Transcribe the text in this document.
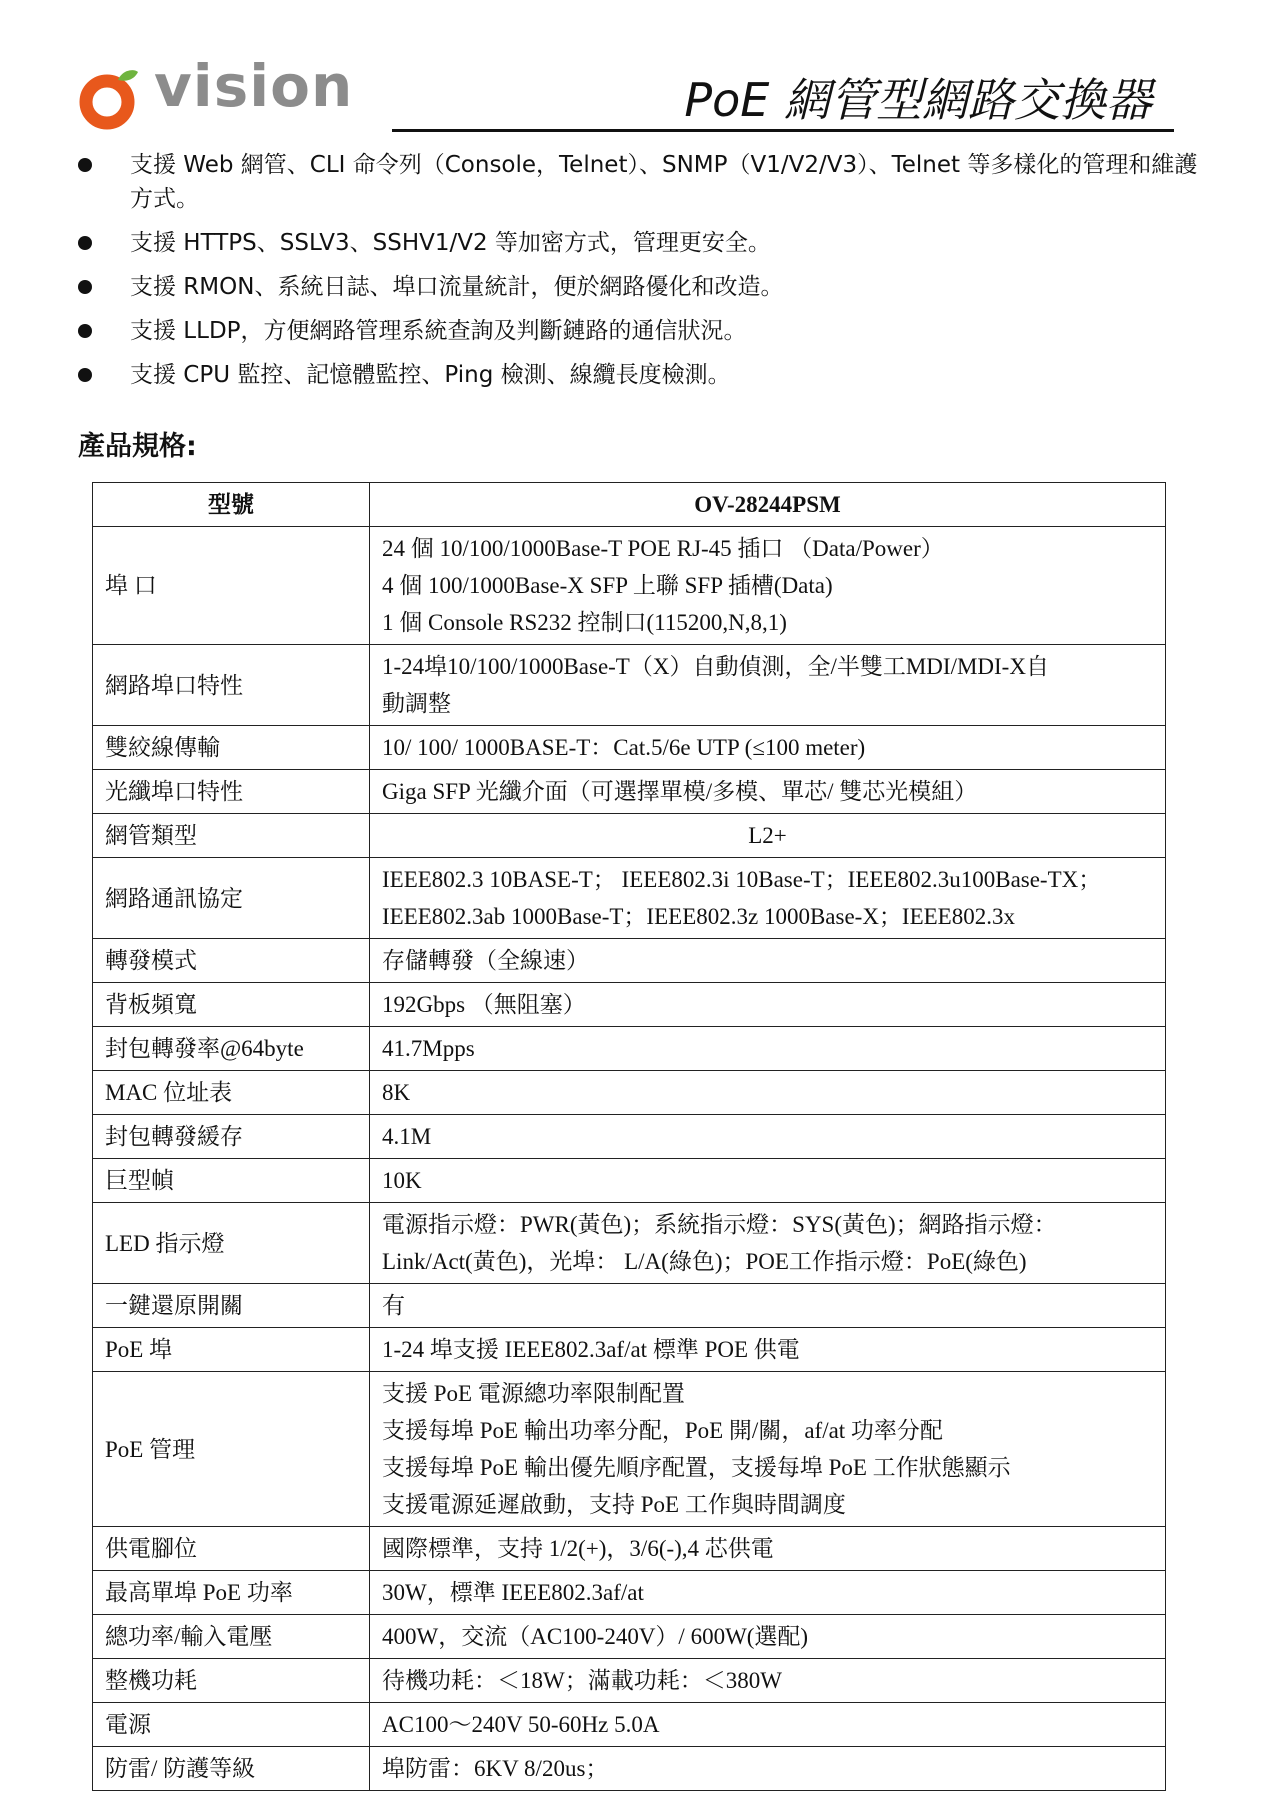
vision	PoE 網管型網路交換器
支援 Web 網管、CLI 命令列（Console，Telnet）、SNMP（V1/V2/V3）、Telnet 等多樣化的管理和維護方式。
支援 HTTPS、SSLV3、SSHV1/V2 等加密方式，管理更安全。
支援 RMON、系統日誌、埠口流量統計，便於網路優化和改造。
支援 LLDP，方便網路管理系統查詢及判斷鏈路的通信狀況。
支援 CPU 監控、記憶體監控、Ping 檢測、線纜長度檢測。
產品規格:
型號	OV-28244PSM
埠 口	24 個 10/100/1000Base-T POE RJ-45 插口 （Data/Power）
4 個 100/1000Base-X SFP 上聯 SFP 插槽(Data)
1 個 Console RS232 控制口(115200,N,8,1)

網路埠口特性	1-24埠10/100/1000Base-T（X）自動偵測，全/半雙工MDI/MDI-X自
動調整

雙絞線傳輸	10/ 100/ 1000BASE-T：Cat.5/6e UTP (≤100 meter)

光纖埠口特性	Giga SFP 光纖介面（可選擇單模/多模、單芯/ 雙芯光模組）

網管類型	L2+

網路通訊協定	IEEE802.3 10BASE-T； IEEE802.3i 10Base-T；IEEE802.3u100Base-TX；
IEEE802.3ab 1000Base-T；IEEE802.3z 1000Base-X；IEEE802.3x

轉發模式	存儲轉發（全線速）

背板頻寬	192Gbps （無阻塞）

封包轉發率@64byte	41.7Mpps

MAC 位址表	8K

封包轉發緩存	4.1M

巨型幀	10K

LED 指示燈	電源指示燈：PWR(黃色)；系統指示燈：SYS(黃色)；網路指示燈：
Link/Act(黃色)，光埠： L/A(綠色)；POE工作指示燈：PoE(綠色)

一鍵還原開關	有

PoE 埠	1-24 埠支援 IEEE802.3af/at 標準 POE 供電

PoE 管理	支援 PoE 電源總功率限制配置
支援每埠 PoE 輸出功率分配，PoE 開/關，af/at 功率分配
支援每埠 PoE 輸出優先順序配置，支援每埠 PoE 工作狀態顯示
支援電源延遲啟動，支持 PoE 工作與時間調度

供電腳位	國際標準，支持 1/2(+)，3/6(-),4 芯供電

最高單埠 PoE 功率	30W，標準 IEEE802.3af/at

總功率/輸入電壓	400W，交流（AC100-240V）/ 600W(選配)

整機功耗	待機功耗：＜18W；滿載功耗：＜380W

電源	AC100～240V 50-60Hz 5.0A

防雷/ 防護等級	埠防雷：6KV 8/20us；
